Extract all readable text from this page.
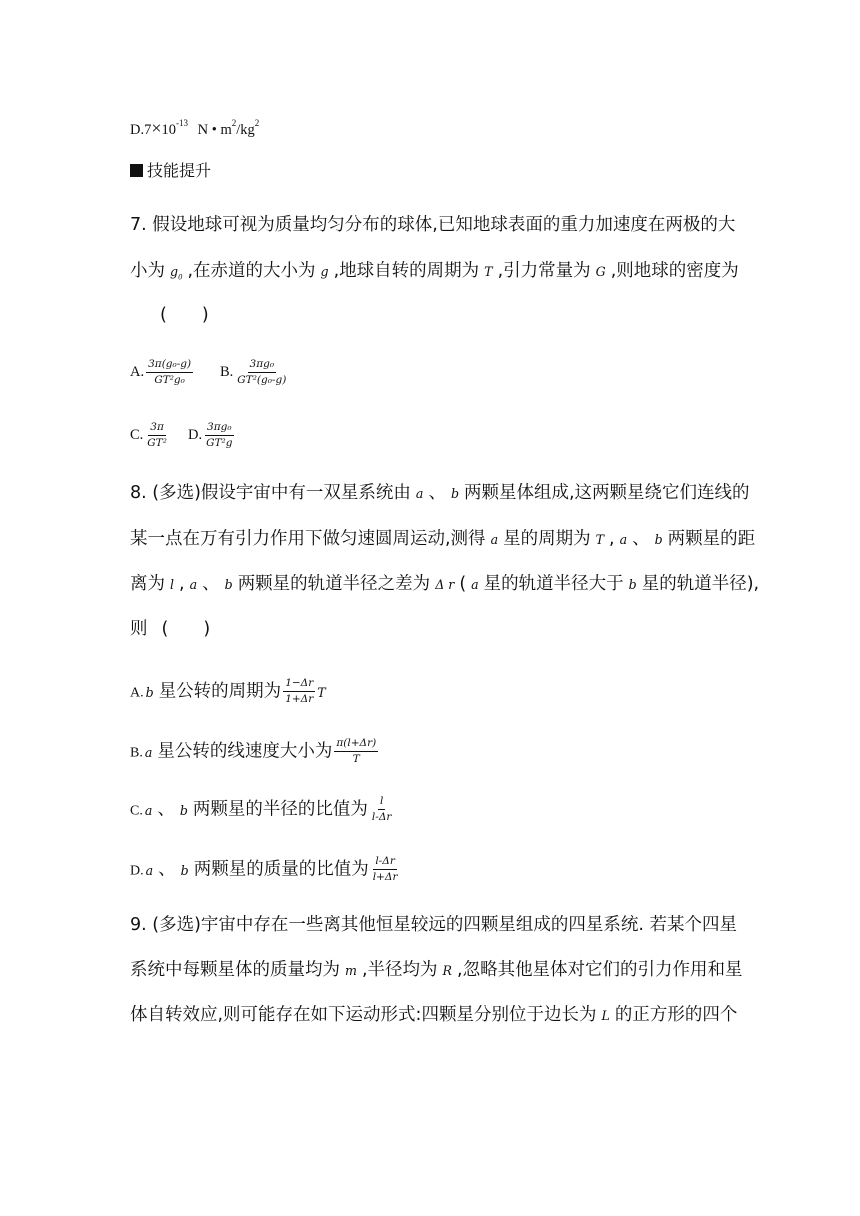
$D.7\times 10^{-13}$ N • $m^2/kg^2$
技能提升
7. 假设地球可视为质量均匀分布的球体,已知地球表面的重力加速度在两极的大
小为 $g_0$ ,在赤道的大小为 g ,地球自转的周期为 T ,引力常量为 G ,则地球的密度为
(　　)
A. $\frac{\text{3π(g₀-g)}}{\text{GT²g₀}} B$. $\frac{\text{3πg₀}}{\text{GT²(g₀-g)}}$
C. $\frac{3\pi}{\text{GT²}} D$. $\frac{\text{3πg₀}}{\text{GT²g}}$
8. (多选)假设宇宙中有一双星系统由 a 、 b 两颗星体组成,这两颗星绕它们连线的
某一点在万有引力作用下做匀速圆周运动,测得 a 星的周期为 T , a 、 b 两颗星的距
离为 l , a 、 b 两颗星的轨道半径之差为 Δ r ( a 星的轨道半径大于 b 星的轨道半径),
则 (　　)
A. b 星公转的周期为 $\frac{1-\Delta r}{1+\Delta r}$ T
B. a 星公转的线速度大小为 $\frac{\pi(l+\Delta r)}{T}$
C. a 、 b 两颗星的半径的比值为 $\frac{l}{l-\Delta r}$
D. a 、 b 两颗星的质量的比值为 $\frac{l-\Delta r}{l+\Delta r}$
9. (多选)宇宙中存在一些离其他恒星较远的四颗星组成的四星系统. 若某个四星
系统中每颗星体的质量均为 m ,半径均为 R ,忽略其他星体对它们的引力作用和星
体自转效应,则可能存在如下运动形式:四颗星分别位于边长为 L 的正方形的四个
